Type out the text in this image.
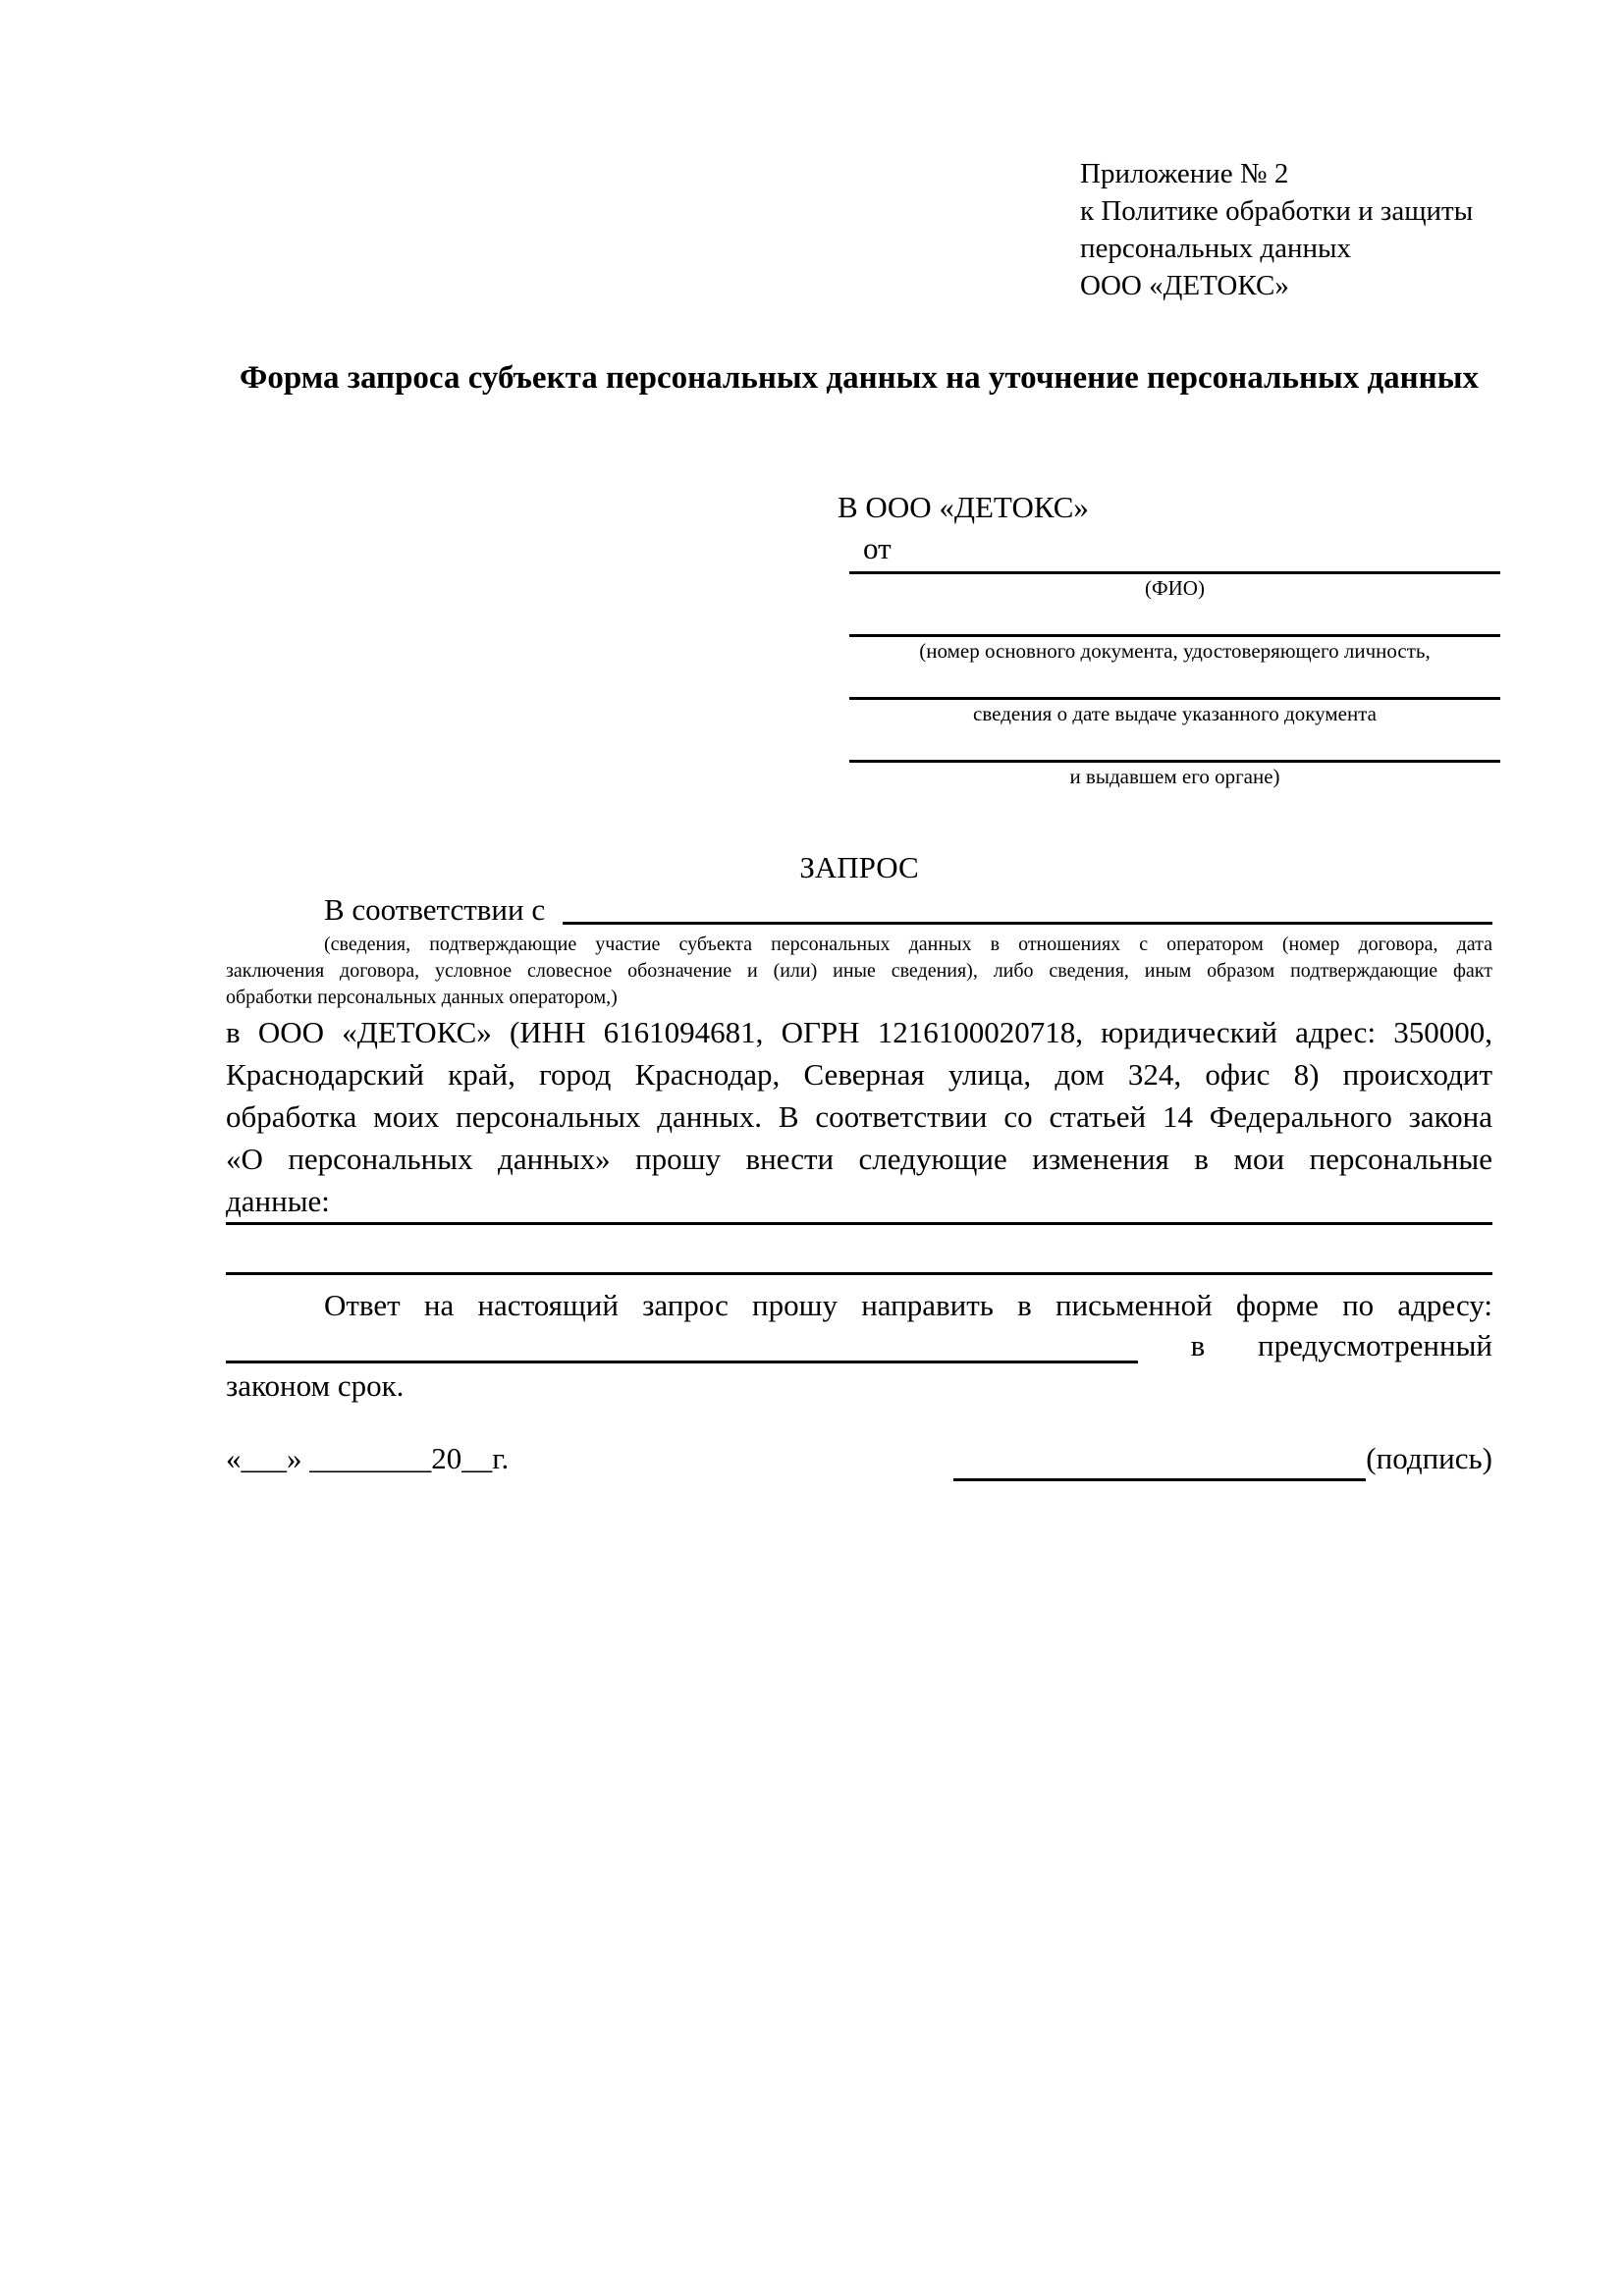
Приложение № 2
к Политике обработки и защиты
персональных данных
ООО «ДЕТОКС»
Форма запроса субъекта персональных данных на уточнение персональных данных
В ООО «ДЕТОКС»
от
(ФИО)
(номер основного документа, удостоверяющего личность,
сведения о дате выдаче указанного документа
и выдавшем его органе)
ЗАПРОС
В соответствии с
(сведения, подтверждающие участие субъекта персональных данных в отношениях с оператором (номер договора, дата
заключения договора, условное словесное обозначение и (или) иные сведения), либо сведения, иным образом подтверждающие факт
обработки персональных данных оператором,)
в ООО «ДЕТОКС» (ИНН 6161094681, ОГРН 1216100020718, юридический адрес: 350000,
Краснодарский край, город Краснодар, Северная улица, дом 324, офис 8) происходит
обработка моих персональных данных. В соответствии со статьей 14 Федерального закона
«О персональных данных» прошу внести следующие изменения в мои персональные
данные:
Ответ на настоящий запрос прошу направить в письменной форме по адресу:
в предусмотренный
законом срок.
«___» ________20__г.	(подпись)
